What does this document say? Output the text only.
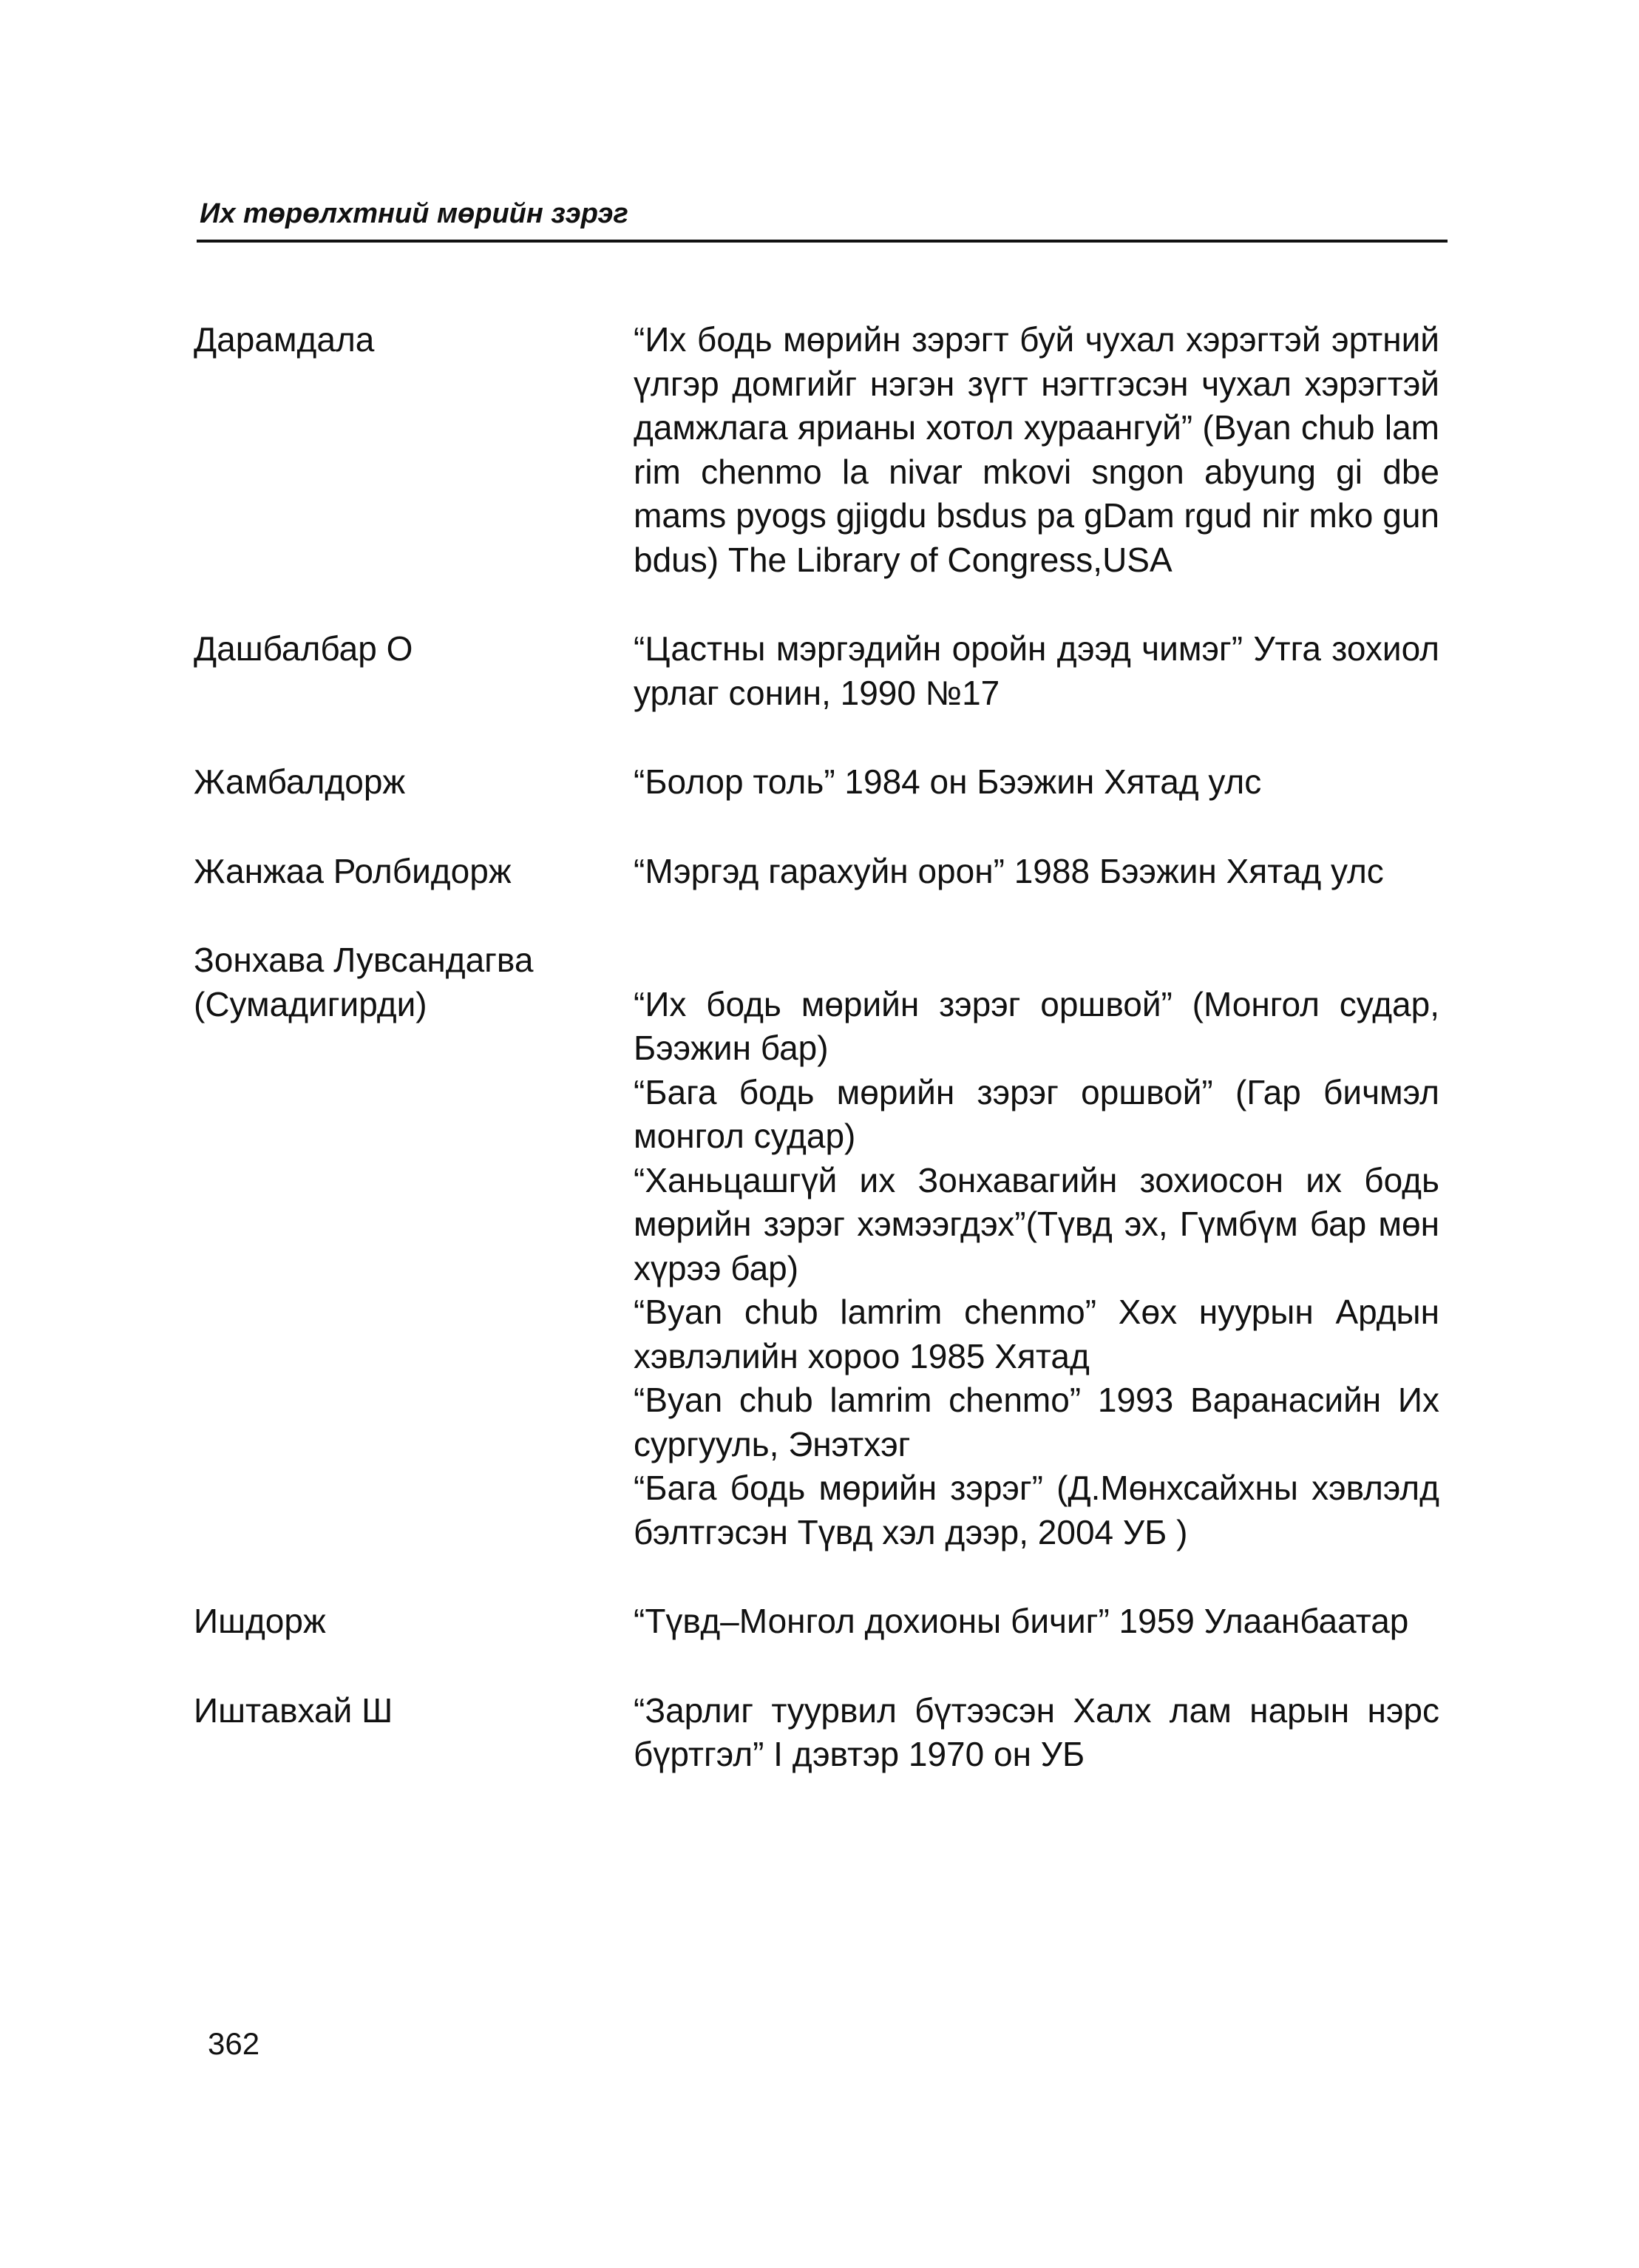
Их төрөлхтний мөрийн зэрэг
Дарамдала	“Их бодь мөрийн зэрэгт буй чухал хэрэгтэй эртний үлгэр домгийг нэгэн зүгт нэгтгэсэн чухал хэрэгтэй дамжлага ярианы хотол хураангуй” (Byan chub lam rim chenmo la nivar mkovi sngon abyung gi dbe mams pyogs gjigdu bsdus pa gDam rgud nir mko gun bdus) The Library of Congress,USA
Дашбалбар О	“Цастны мэргэдийн оройн дээд чимэг” Утга зохиол урлаг сонин, 1990 №17
Жамбалдорж	“Болор толь” 1984 он Бээжин Хятад улс
Жанжаа Ролбидорж	“Мэргэд гарахуйн орон” 1988 Бээжин Хятад улс
Зонхава Лувсандагва (Сумадигирди)	“Их бодь мөрийн зэрэг оршвой” (Монгол судар, Бээжин бар)
“Бага бодь мөрийн зэрэг оршвой” (Гар бичмэл монгол судар)
“Ханьцашгүй их Зонхавагийн зохиосон их бодь мөрийн зэрэг хэмээгдэх”(Түвд эх, Гүмбүм бар мөн хүрээ бар)
“Byan chub lamrim chenmo” Хөх нуурын Ардын хэвлэлийн хороо 1985 Хятад
“Byan chub lamrim chenmo” 1993 Варанасийн Их сургууль, Энэтхэг
“Бага бодь мөрийн зэрэг” (Д.Мөнхсайхны хэвлэлд бэлтгэсэн Түвд хэл дээр, 2004 УБ )
Ишдорж	“Түвд–Монгол дохионы бичиг” 1959 Улаанбаатар
Иштавхай Ш	“Зарлиг туурвил бүтээсэн Халх лам нарын нэрс бүртгэл” I дэвтэр 1970 он УБ
362
